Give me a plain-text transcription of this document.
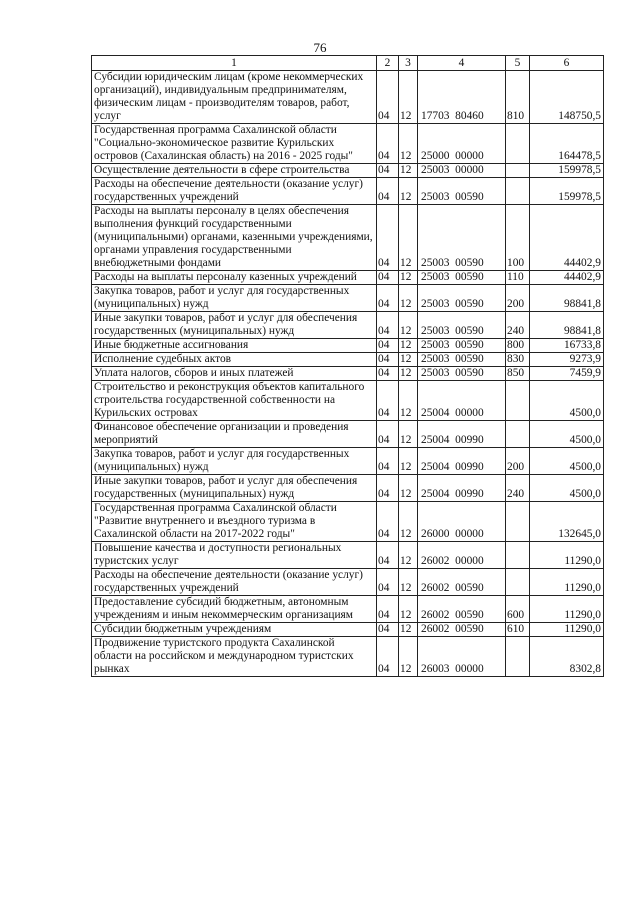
76
1	2	3	4	5	6
Субсидии юридическим лицам (кроме некоммерческих организаций), индивидуальным предпринимателям, физическим лицам - производителям товаров, работ, услуг	04	12	17703  80460	810	148750,5
Государственная программа Сахалинской области "Социально-экономическое развитие Курильских островов (Сахалинская область) на 2016 - 2025 годы"	04	12	25000  00000		164478,5
Осуществление деятельности в сфере строительства	04	12	25003  00000		159978,5
Расходы на обеспечение деятельности (оказание услуг) государственных учреждений	04	12	25003  00590		159978,5
Расходы на выплаты персоналу в целях обеспечения выполнения функций государственными (муниципальными) органами, казенными учреждениями, органами управления государственными внебюджетными фондами	04	12	25003  00590	100	44402,9
Расходы на выплаты персоналу казенных учреждений	04	12	25003  00590	110	44402,9
Закупка товаров, работ и услуг для государственных (муниципальных) нужд	04	12	25003  00590	200	98841,8
Иные закупки товаров, работ и услуг для обеспечения государственных (муниципальных) нужд	04	12	25003  00590	240	98841,8
Иные бюджетные ассигнования	04	12	25003  00590	800	16733,8
Исполнение судебных актов	04	12	25003  00590	830	9273,9
Уплата налогов, сборов и иных платежей	04	12	25003  00590	850	7459,9
Строительство и реконструкция объектов капитального строительства государственной собственности на Курильских островах	04	12	25004  00000		4500,0
Финансовое обеспечение организации и проведения мероприятий	04	12	25004  00990		4500,0
Закупка товаров, работ и услуг для государственных (муниципальных) нужд	04	12	25004  00990	200	4500,0
Иные закупки товаров, работ и услуг для обеспечения государственных (муниципальных) нужд	04	12	25004  00990	240	4500,0
Государственная программа Сахалинской области "Развитие внутреннего и въездного туризма в Сахалинской области на 2017-2022 годы"	04	12	26000  00000		132645,0
Повышение качества и доступности региональных туристских услуг	04	12	26002  00000		11290,0
Расходы на обеспечение деятельности (оказание услуг) государственных учреждений	04	12	26002  00590		11290,0
Предоставление субсидий бюджетным, автономным учреждениям и иным некоммерческим организациям	04	12	26002  00590	600	11290,0
Субсидии бюджетным учреждениям	04	12	26002  00590	610	11290,0
Продвижение туристского продукта Сахалинской области на российском и международном туристских рынках	04	12	26003  00000		8302,8
